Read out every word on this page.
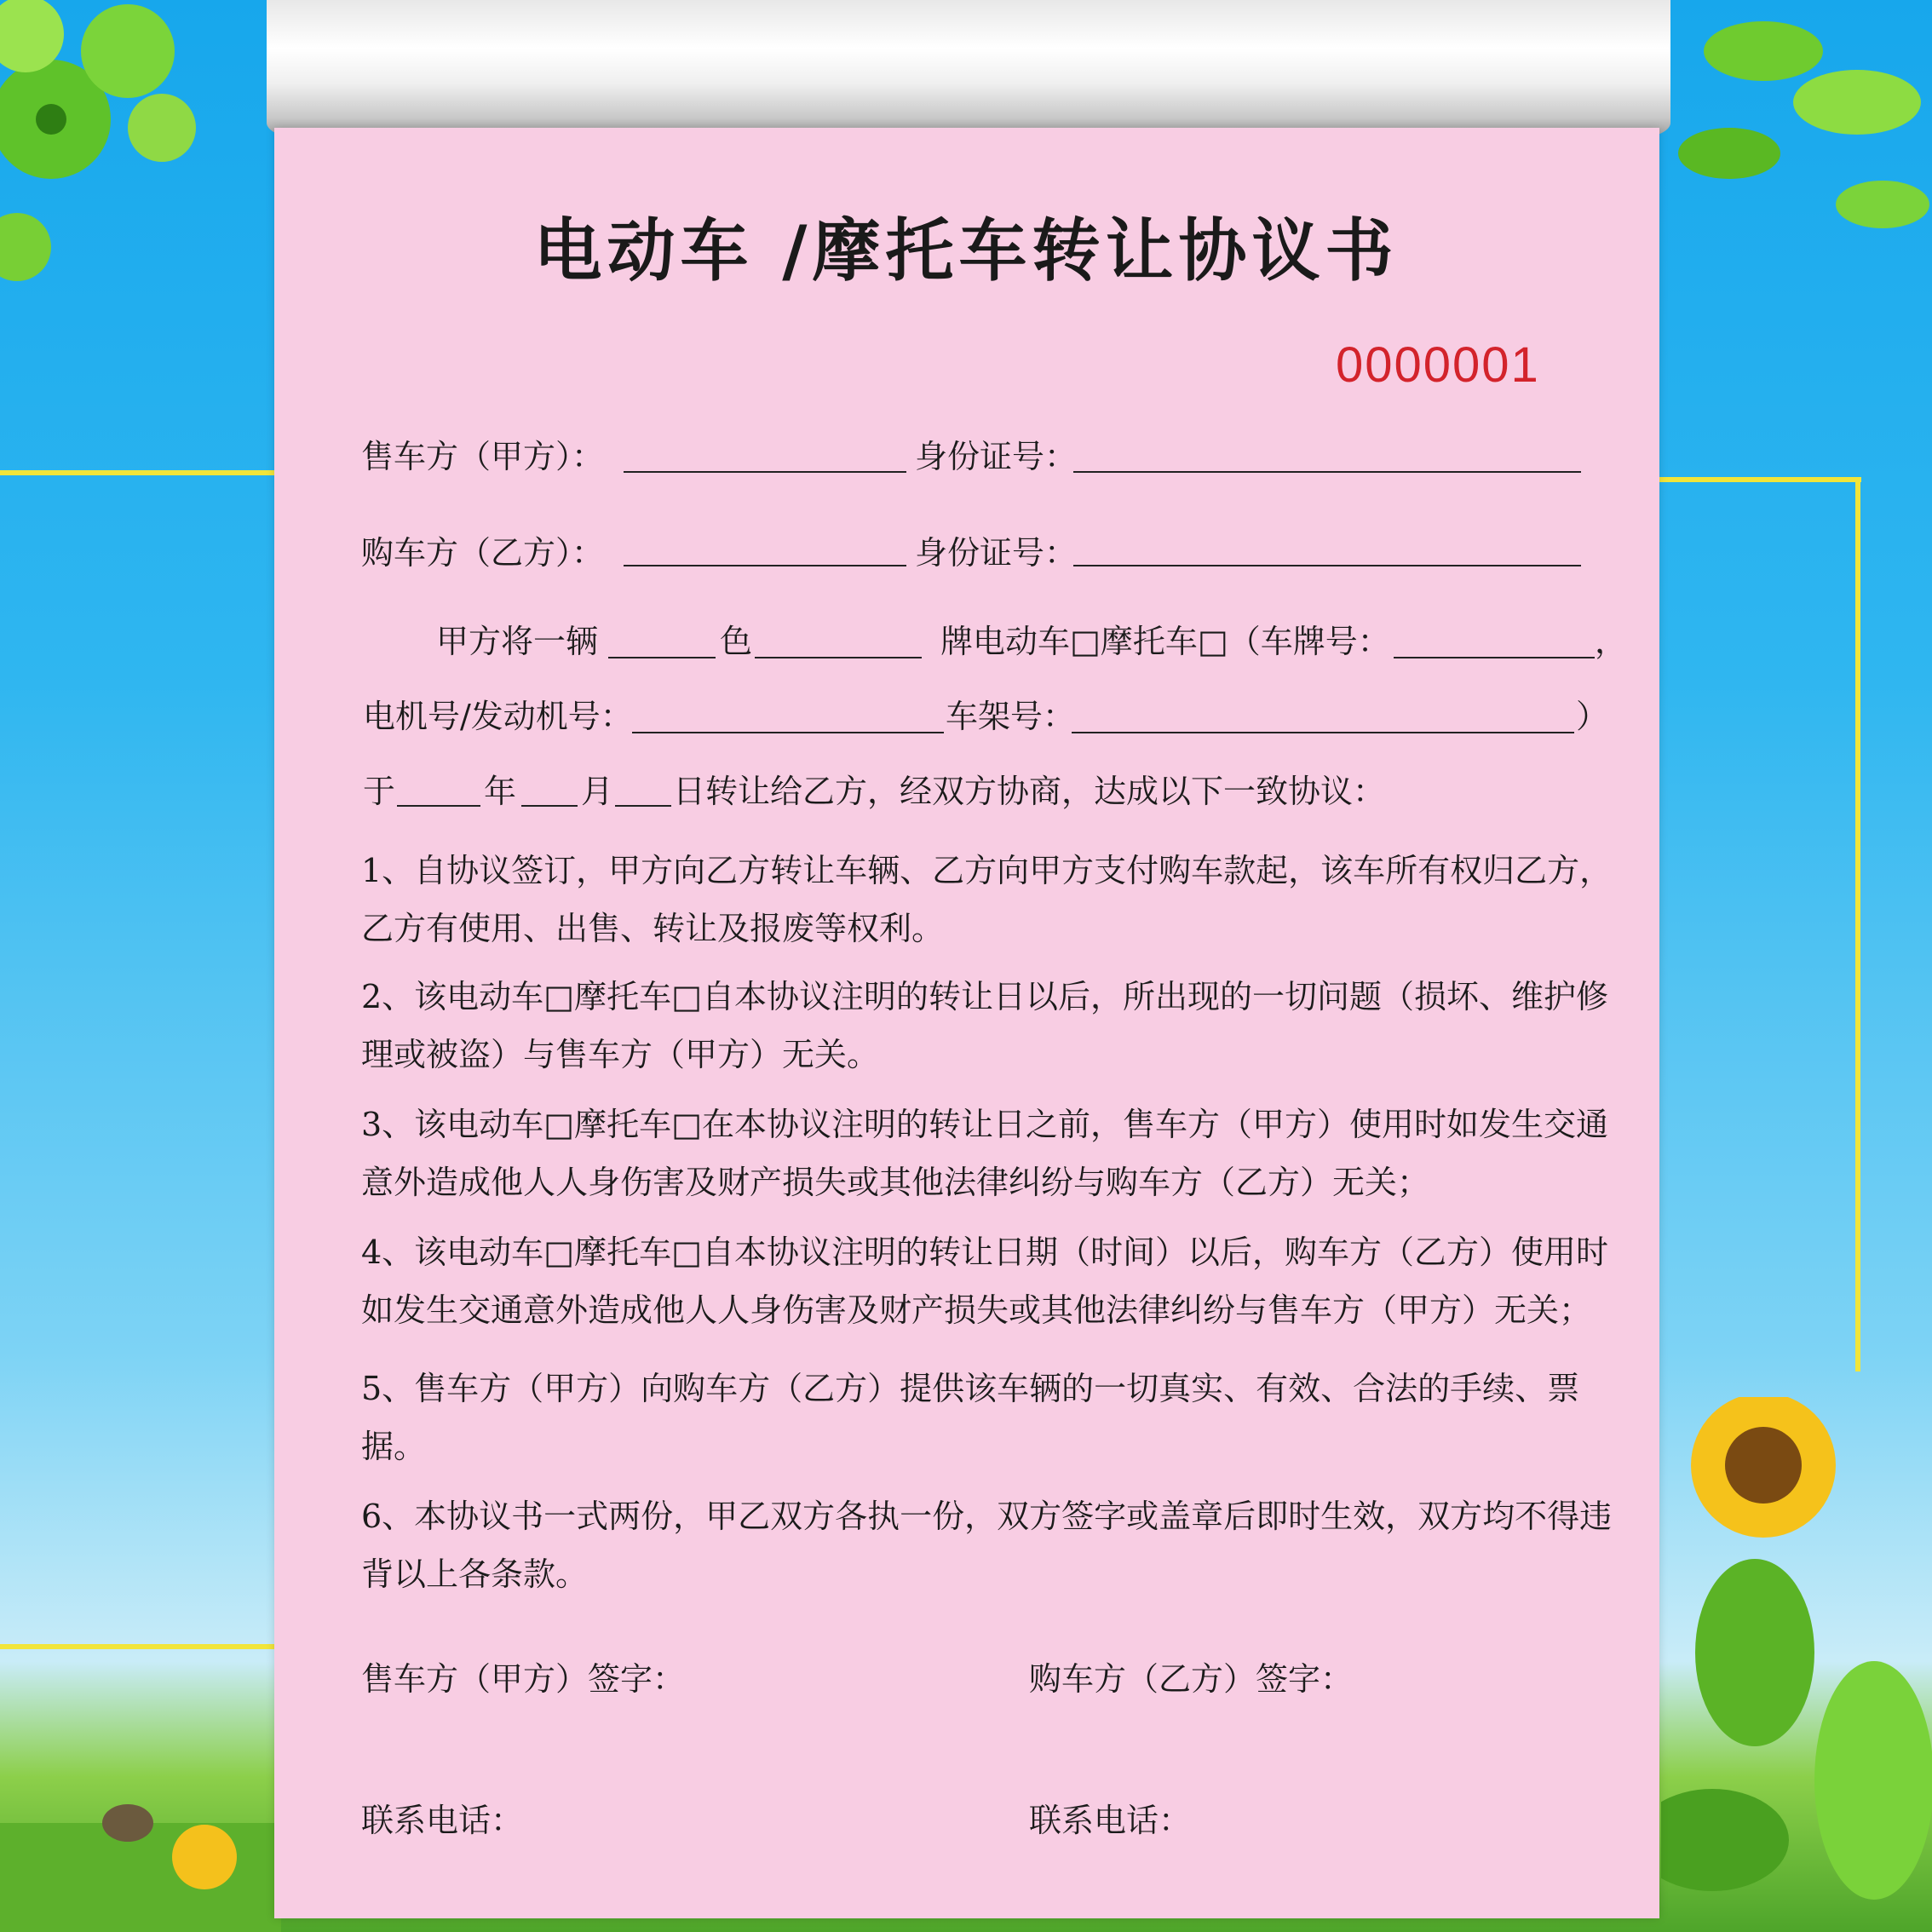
电动车 /摩托车转让协议书
0000001
售车方（甲方）：	身份证号：
购车方（乙方）：	身份证号：
甲方将一辆	色	牌电动车□摩托车□（车牌号：	，
电机号/发动机号：	车架号：	）
于	年 月 日转让给乙方，经双方协商，达成以下一致协议：
1、自协议签订，甲方向乙方转让车辆、乙方向甲方支付购车款起，该车所有权归乙方，乙方有使用、出售、转让及报废等权利。
2、该电动车□摩托车□自本协议注明的转让日以后，所出现的一切问题（损坏、维护修理或被盗）与售车方（甲方）无关。
3、该电动车□摩托车□在本协议注明的转让日之前，售车方（甲方）使用时如发生交通意外造成他人人身伤害及财产损失或其他法律纠纷与购车方（乙方）无关；
4、该电动车□摩托车□自本协议注明的转让日期（时间）以后，购车方（乙方）使用时如发生交通意外造成他人人身伤害及财产损失或其他法律纠纷与售车方（甲方）无关；
5、售车方（甲方）向购车方（乙方）提供该车辆的一切真实、有效、合法的手续、票据。
6、本协议书一式两份，甲乙双方各执一份，双方签字或盖章后即时生效，双方均不得违背以上各条款。
售车方（甲方）签字：	购车方（乙方）签字：
联系电话：	联系电话：
